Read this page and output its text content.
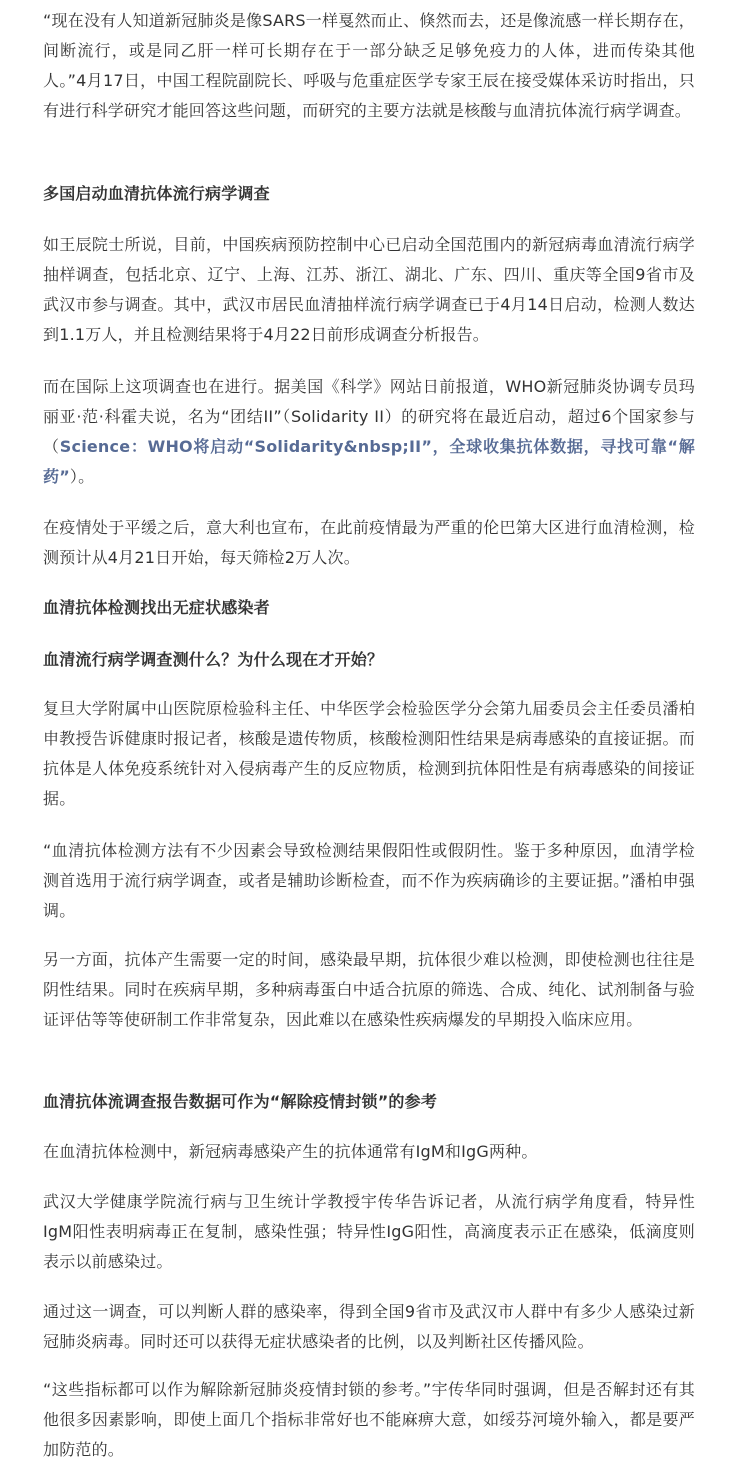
“现在没有人知道新冠肺炎是像SARS一样戛然而止、倏然而去，还是像流感一样长期存在，间断流行，或是同乙肝一样可长期存在于一部分缺乏足够免疫力的人体，进而传染其他人。”4月17日，中国工程院副院长、呼吸与危重症医学专家王辰在接受媒体采访时指出，只有进行科学研究才能回答这些问题，而研究的主要方法就是核酸与血清抗体流行病学调查。

多国启动血清抗体流行病学调查

如王辰院士所说，目前，中国疾病预防控制中心已启动全国范围内的新冠病毒血清流行病学抽样调查，包括北京、辽宁、上海、江苏、浙江、湖北、广东、四川、重庆等全国9省市及武汉市参与调查。其中，武汉市居民血清抽样流行病学调查已于4月14日启动，检测人数达到1.1万人，并且检测结果将于4月22日前形成调查分析报告。

而在国际上这项调查也在进行。据美国《科学》网站日前报道，WHO新冠肺炎协调专员玛丽亚·范·科霍夫说，名为“团结II”（Solidarity II）的研究将在最近启动，超过6个国家参与（Science：WHO将启动“Solidarity&nbsp;II”，全球收集抗体数据，寻找可靠“解药”）。

在疫情处于平缓之后，意大利也宣布，在此前疫情最为严重的伦巴第大区进行血清检测，检测预计从4月21日开始，每天筛检2万人次。

血清抗体检测找出无症状感染者

血清流行病学调查测什么？为什么现在才开始？

复旦大学附属中山医院原检验科主任、中华医学会检验医学分会第九届委员会主任委员潘柏申教授告诉健康时报记者，核酸是遗传物质，核酸检测阳性结果是病毒感染的直接证据。而抗体是人体免疫系统针对入侵病毒产生的反应物质，检测到抗体阳性是有病毒感染的间接证据。

“血清抗体检测方法有不少因素会导致检测结果假阳性或假阴性。鉴于多种原因，血清学检测首选用于流行病学调查，或者是辅助诊断检查，而不作为疾病确诊的主要证据。”潘柏申强调。

另一方面，抗体产生需要一定的时间，感染最早期，抗体很少难以检测，即使检测也往往是阴性结果。同时在疾病早期，多种病毒蛋白中适合抗原的筛选、合成、纯化、试剂制备与验证评估等等使研制工作非常复杂，因此难以在感染性疾病爆发的早期投入临床应用。

血清抗体流调查报告数据可作为“解除疫情封锁”的参考

在血清抗体检测中，新冠病毒感染产生的抗体通常有IgM和IgG两种。

武汉大学健康学院流行病与卫生统计学教授宇传华告诉记者，从流行病学角度看，特异性IgM阳性表明病毒正在复制，感染性强；特异性IgG阳性，高滴度表示正在感染，低滴度则表示以前感染过。

通过这一调查，可以判断人群的感染率，得到全国9省市及武汉市人群中有多少人感染过新冠肺炎病毒。同时还可以获得无症状感染者的比例，以及判断社区传播风险。

“这些指标都可以作为解除新冠肺炎疫情封锁的参考。”宇传华同时强调，但是否解封还有其他很多因素影响，即使上面几个指标非常好也不能麻痹大意，如绥芬河境外输入，都是要严加防范的。
